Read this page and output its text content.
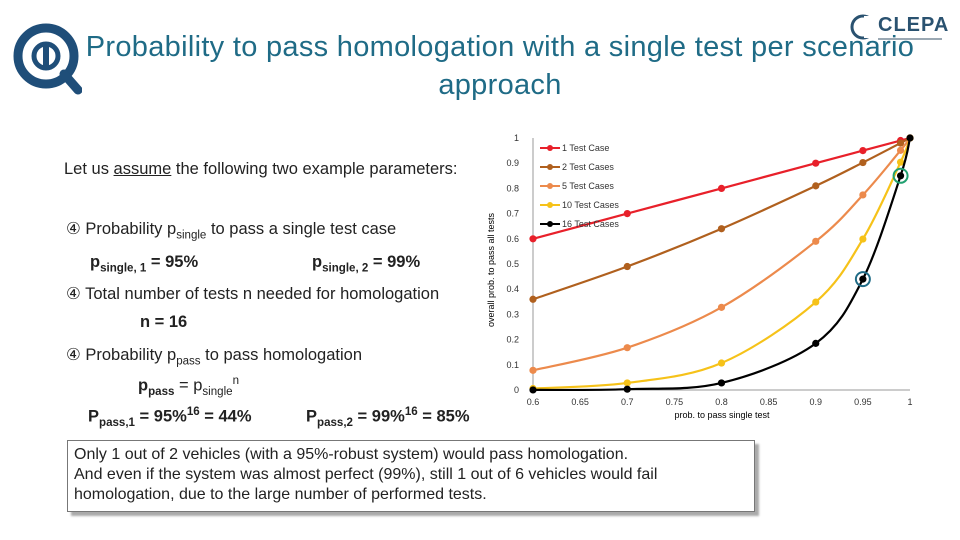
CLEPA
Probability to pass homologation with a single test per scenario approach
Let us assume the following two example parameters:
④ Probability $p_{single}$ to pass a single test case
$p_{single, 1} = 95\%$	$p_{single, 2} = 99\%$
④ Total number of tests n needed for homologation
n = 16
④ Probability $p_{pass}$ to pass homologation
$p_{pass} = p_{single}^n$
$P_{pass,1} = 95\%^{16} = 44\%$	$P_{pass,2} = 99\%^{16} = 85\%$
0
0.1
0.2
0.3
0.4
0.5
0.6
0.7
0.8
0.9
1
0.6	0.65	0.7	0.75	0.8	0.85	0.9	0.95	1
1 Test Case
2 Test Cases
5 Test Cases
10 Test Cases
16 Test Cases
overall prob. to pass all tests
prob. to pass single test
Only 1 out of 2 vehicles (with a 95%-robust system) would pass homologation.
And even if the system was almost perfect (99%), still 1 out of 6 vehicles would fail
homologation, due to the large number of performed tests.
